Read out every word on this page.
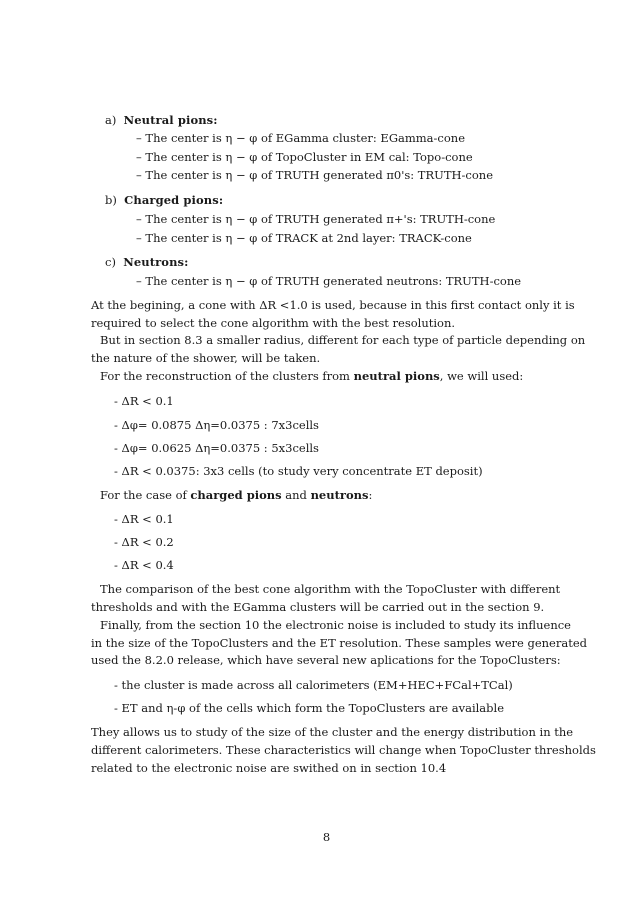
a) Neutral pions:
– The center is η − φ of EGamma cluster: EGamma-cone
– The center is η − φ of TopoCluster in EM cal: Topo-cone
– The center is η − φ of TRUTH generated π0's: TRUTH-cone
b) Charged pions:
– The center is η − φ of TRUTH generated π+'s: TRUTH-cone
– The center is η − φ of TRACK at 2nd layer: TRACK-cone
c) Neutrons:
– The center is η − φ of TRUTH generated neutrons: TRUTH-cone
At the begining, a cone with ΔR <1.0 is used, because in this first contact only it is
required to select the cone algorithm with the best resolution.
But in section 8.3 a smaller radius, different for each type of particle depending on
the nature of the shower, will be taken.
For the reconstruction of the clusters from neutral pions, we will used:
- ΔR < 0.1
- Δφ= 0.0875 Δη=0.0375 : 7x3cells
- Δφ= 0.0625 Δη=0.0375 : 5x3cells
- ΔR < 0.0375: 3x3 cells (to study very concentrate ET deposit)
For the case of charged pions and neutrons:
- ΔR < 0.1
- ΔR < 0.2
- ΔR < 0.4
The comparison of the best cone algorithm with the TopoCluster with different
thresholds and with the EGamma clusters will be carried out in the section 9.
Finally, from the section 10 the electronic noise is included to study its influence
in the size of the TopoClusters and the ET resolution. These samples were generated
used the 8.2.0 release, which have several new aplications for the TopoClusters:
- the cluster is made across all calorimeters (EM+HEC+FCal+TCal)
- ET and η-φ of the cells which form the TopoClusters are available
They allows us to study of the size of the cluster and the energy distribution in the
different calorimeters. These characteristics will change when TopoCluster thresholds
related to the electronic noise are swithed on in section 10.4
8
